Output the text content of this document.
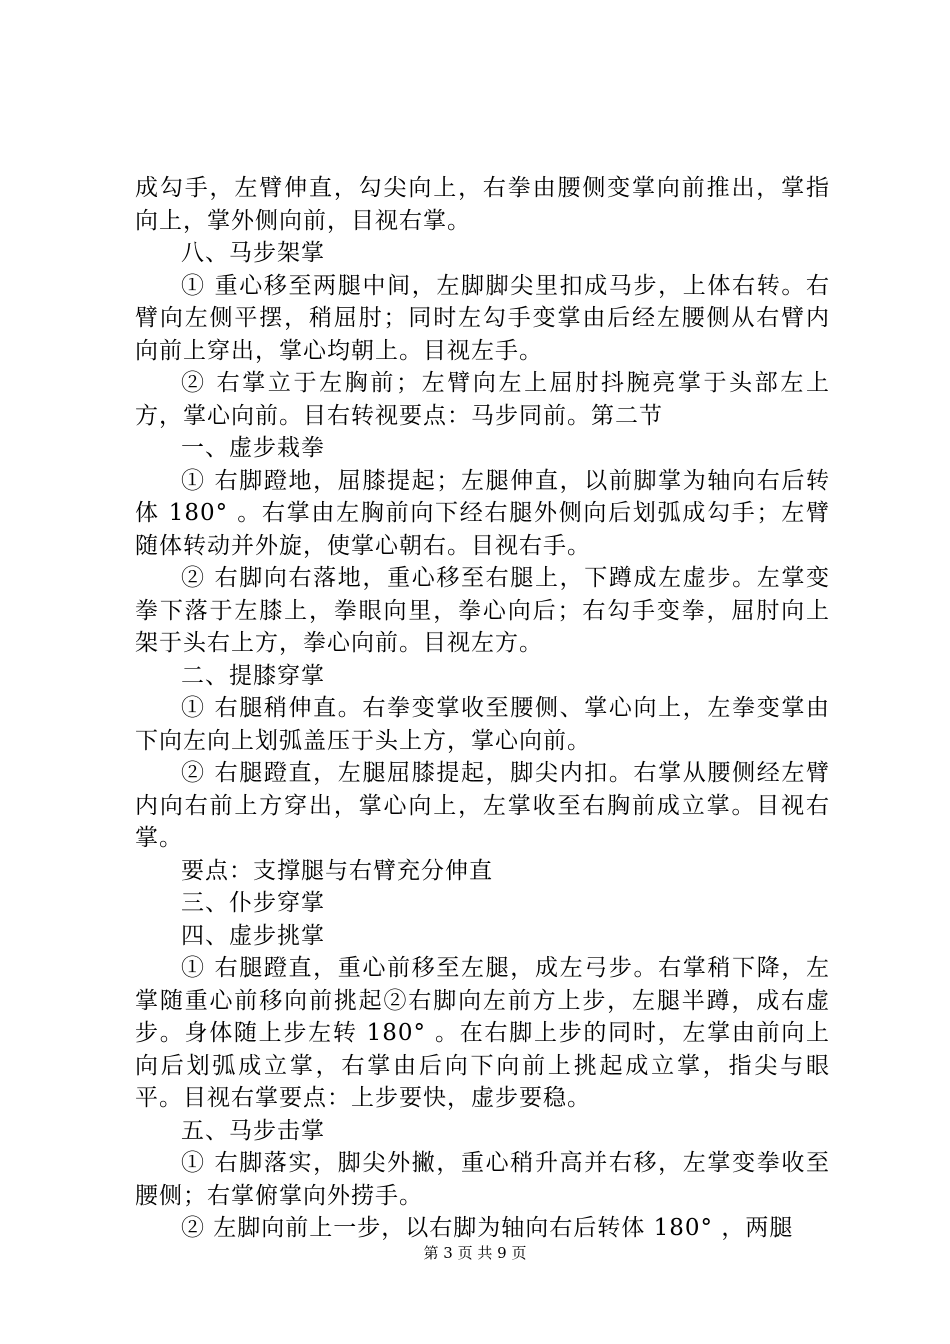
成勾手，左臂伸直，勾尖向上，右拳由腰侧变掌向前推出，掌指向上，掌外侧向前，目视右掌。

八、马步架掌

① 重心移至两腿中间，左脚脚尖里扣成马步，上体右转。右臂向左侧平摆，稍屈肘；同时左勾手变掌由后经左腰侧从右臂内向前上穿出，掌心均朝上。目视左手。

② 右掌立于左胸前；左臂向左上屈肘抖腕亮掌于头部左上方，掌心向前。目右转视要点：马步同前。第二节

一、虚步栽拳

① 右脚蹬地，屈膝提起；左腿伸直，以前脚掌为轴向右后转体 180° 。右掌由左胸前向下经右腿外侧向后划弧成勾手；左臂随体转动并外旋，使掌心朝右。目视右手。

② 右脚向右落地，重心移至右腿上，下蹲成左虚步。左掌变拳下落于左膝上，拳眼向里，拳心向后；右勾手变拳，屈肘向上架于头右上方，拳心向前。目视左方。

二、提膝穿掌

① 右腿稍伸直。右拳变掌收至腰侧、掌心向上，左拳变掌由下向左向上划弧盖压于头上方，掌心向前。

② 右腿蹬直，左腿屈膝提起，脚尖内扣。右掌从腰侧经左臂内向右前上方穿出，掌心向上，左掌收至右胸前成立掌。目视右掌。

要点：支撑腿与右臂充分伸直

三、仆步穿掌

四、虚步挑掌

① 右腿蹬直，重心前移至左腿，成左弓步。右掌稍下降，左掌随重心前移向前挑起②右脚向左前方上步，左腿半蹲，成右虚步。身体随上步左转 180° 。在右脚上步的同时，左掌由前向上向后划弧成立掌，右掌由后向下向前上挑起成立掌，指尖与眼平。目视右掌要点：上步要快，虚步要稳。

五、马步击掌

① 右脚落实，脚尖外撇，重心稍升高并右移，左掌变拳收至腰侧；右掌俯掌向外捞手。

② 左脚向前上一步，以右脚为轴向右后转体 180° ，两腿

第 3 页 共 9 页
